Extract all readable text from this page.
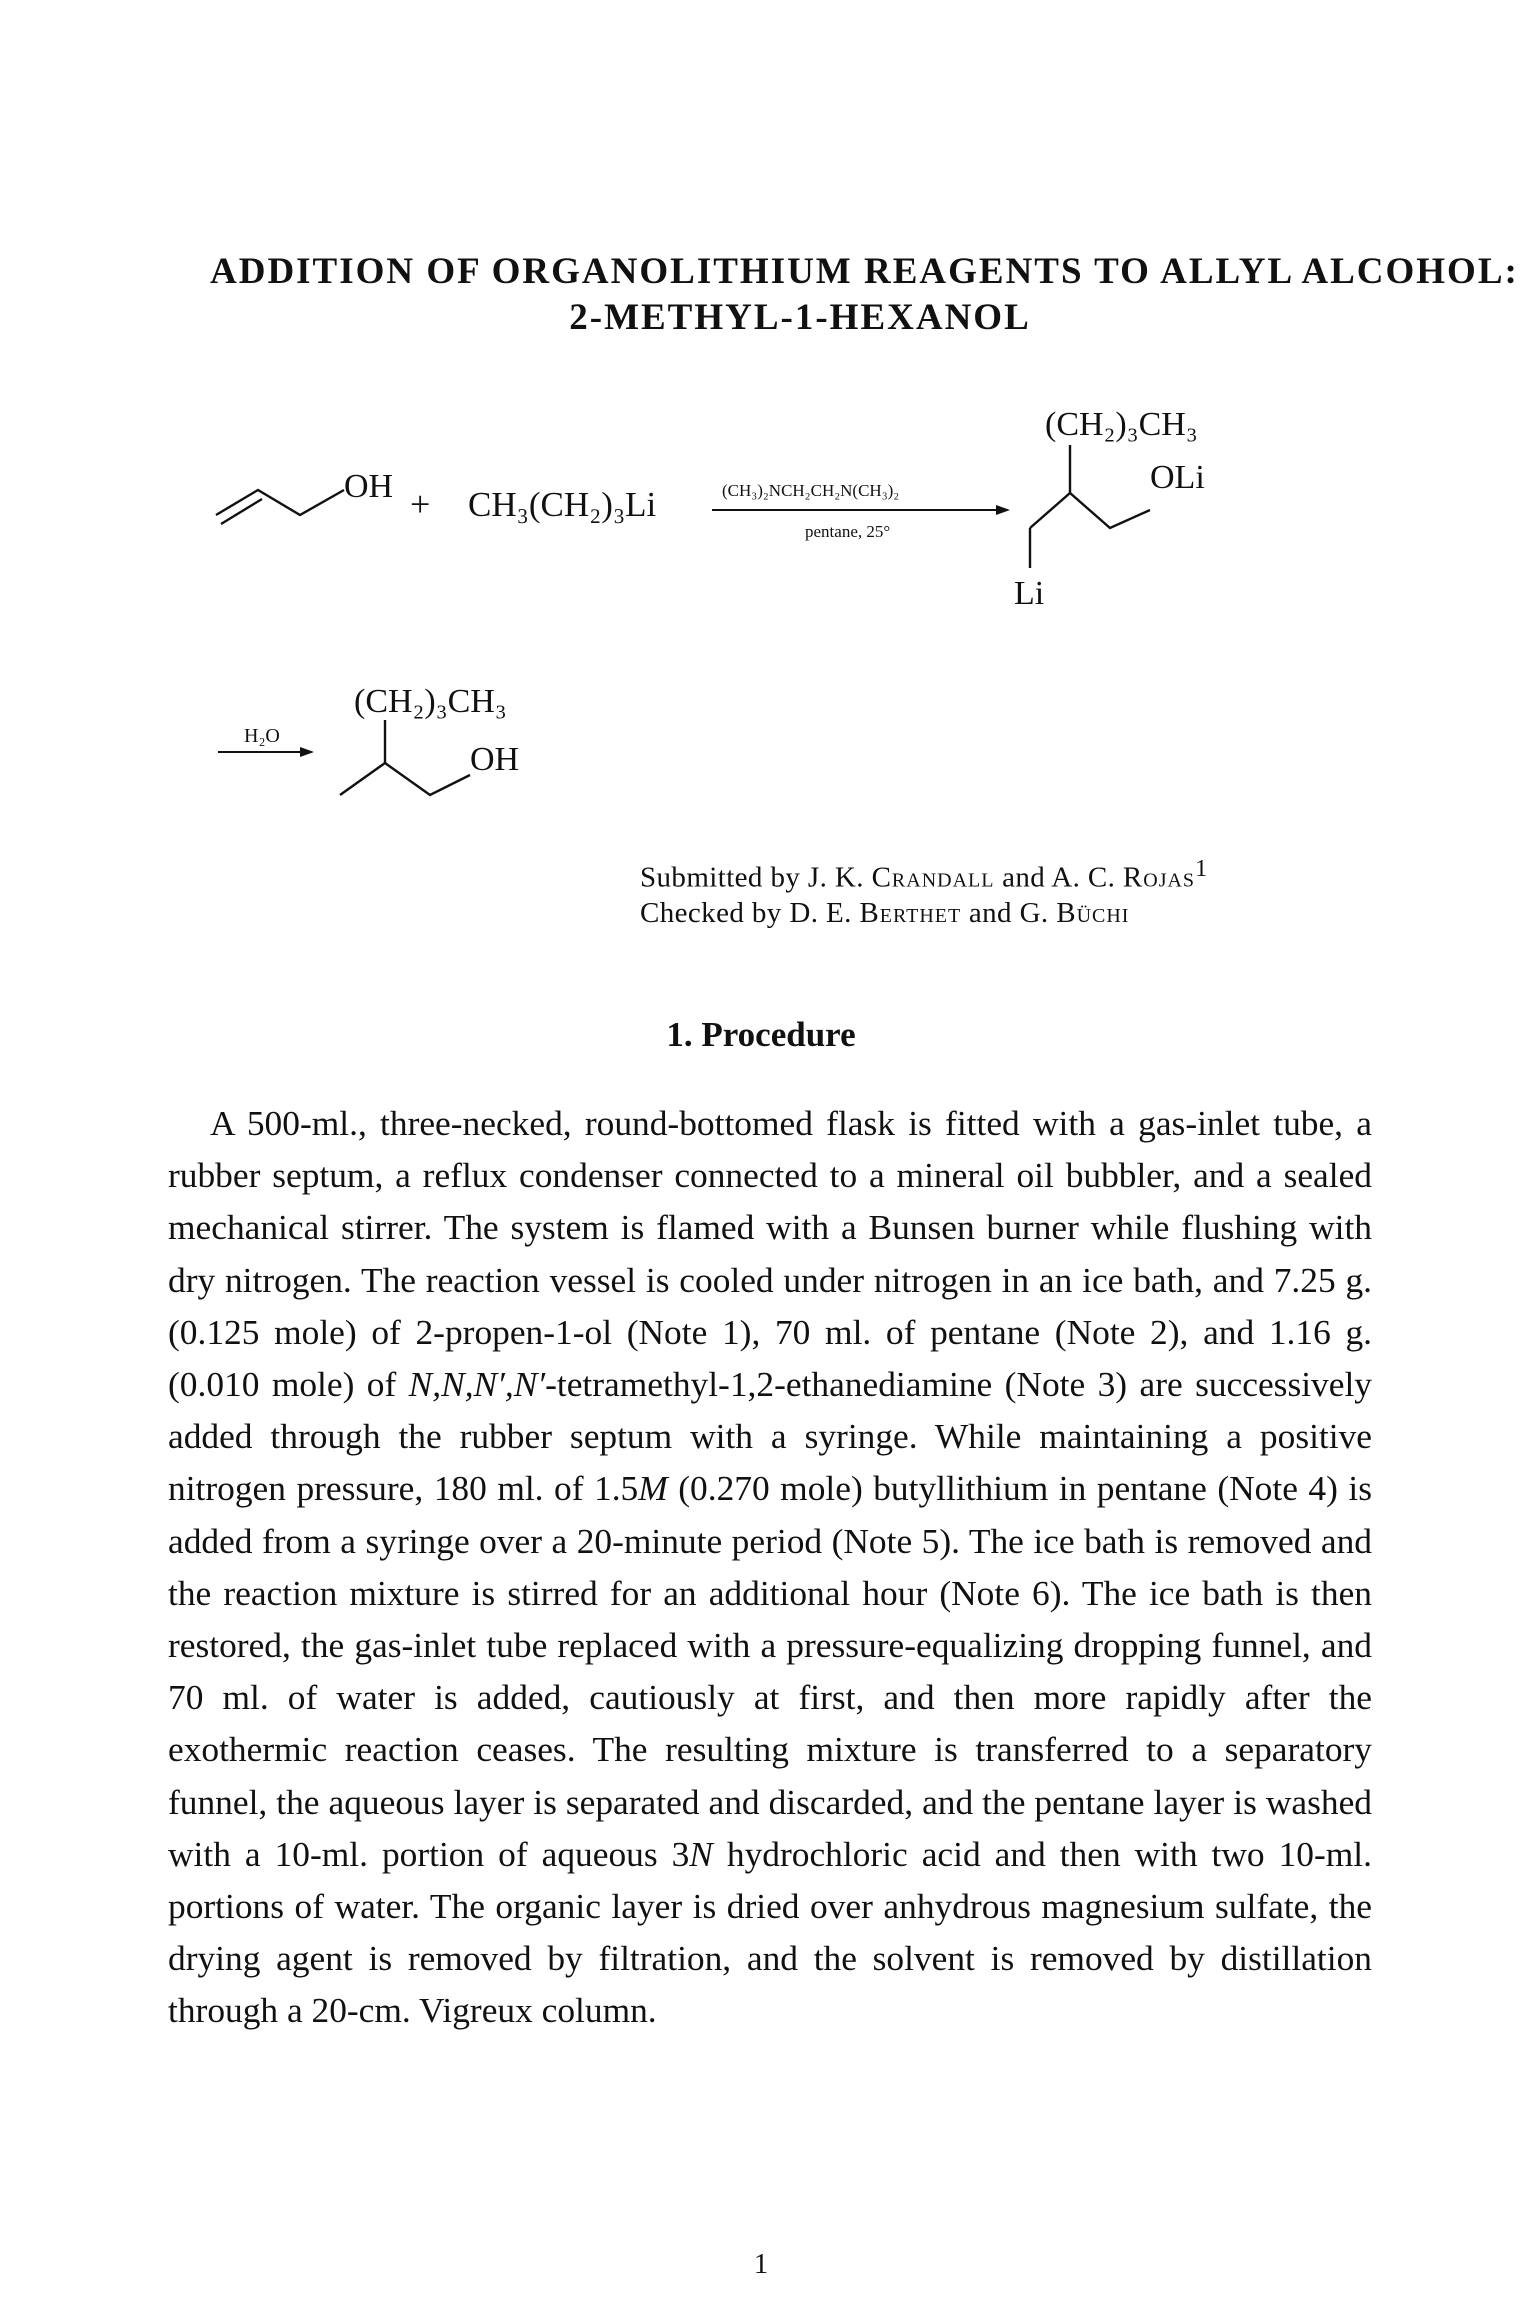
ADDITION OF ORGANOLITHIUM REAGENTS TO ALLYL ALCOHOL:
2-METHYL-1-HEXANOL
OH + CH₃(CH₂)₃Li	(CH₃)₂NCH₂CH₂N(CH₃)₂
pentane, 25°
(CH₂)₃CH₃
OLi
Li
H₂O
(CH₂)₃CH₃
OH
Submitted by J. K. Crandall and A. C. Rojas$^1$
Checked by D. E. Berthet and G. Büchi
1. Procedure

A 500-ml., three-necked, round-bottomed flask is fitted with a gas-inlet tube, a rubber septum, a reflux condenser connected to a mineral oil bubbler, and a sealed mechanical stirrer. The system is flamed with a Bunsen burner while flushing with dry nitrogen. The reaction vessel is cooled under nitrogen in an ice bath, and 7.25 g. (0.125 mole) of 2-propen-1-ol (Note 1), 70 ml. of pentane (Note 2), and 1.16 g. (0.010 mole) of N,N,N′,N′-tetramethyl-1,2-ethanediamine (Note 3) are successively added through the rubber septum with a syringe. While maintaining a positive nitrogen pressure, 180 ml. of 1.5M (0.270 mole) butyllithium in pentane (Note 4) is added from a syringe over a 20-minute period (Note 5). The ice bath is removed and the reaction mixture is stirred for an additional hour (Note 6). The ice bath is then restored, the gas-inlet tube replaced with a pressure-equalizing dropping funnel, and 70 ml. of water is added, cautiously at first, and then more rapidly after the exothermic reaction ceases. The resulting mixture is transferred to a separatory funnel, the aqueous layer is separated and discarded, and the pentane layer is washed with a 10-ml. portion of aqueous 3N hydrochloric acid and then with two 10-ml. portions of water. The organic layer is dried over anhydrous magnesium sulfate, the drying agent is removed by filtration, and the solvent is removed by distillation through a 20-cm. Vigreux column.

1
